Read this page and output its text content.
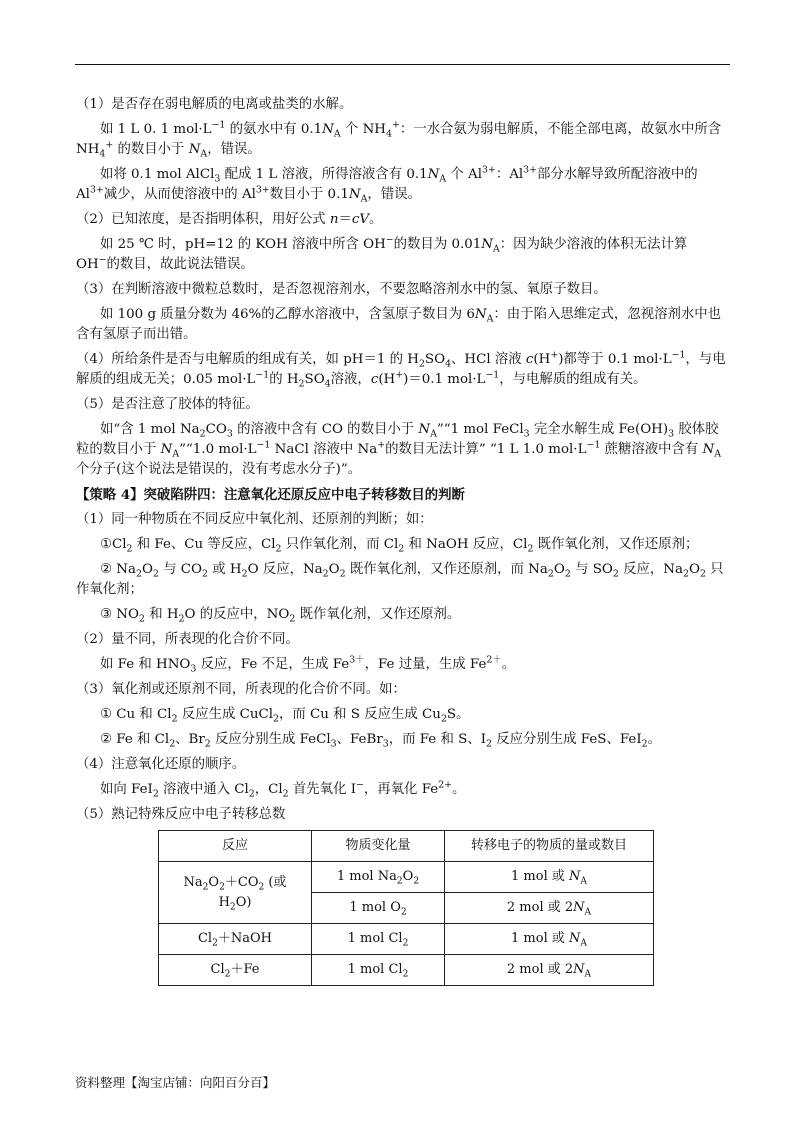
（1）是否存在弱电解质的电离或盐类的水解。

如 1 L 0. 1 $mol\cdot L^{-1}$ 的氨水中有 $0.1N_A$ 个 $NH_4^+$：一水合氨为弱电解质，不能全部电离，故氨水中所含 $NH_4^+$ 的数目小于 $N_A$，错误。

如将 0.1 mol AlCl$_3$ 配成 1 L 溶液，所得溶液含有 $0.1N_A$ 个 $Al^{3+}$：$Al^{3+}$部分水解导致所配溶液中的 $Al^{3+}$减少，从而使溶液中的 $Al^{3+}$数目小于 $0.1N_A$，错误。

（2）已知浓度，是否指明体积，用好公式 n＝cV。

如 25 ℃ 时，pH=12 的 KOH 溶液中所含 OH−的数目为 $0.01N_A$：因为缺少溶液的体积无法计算 OH−的数目，故此说法错误。

（3）在判断溶液中微粒总数时，是否忽视溶剂水，不要忽略溶剂水中的氢、氧原子数目。

如 100 g 质量分数为 46%的乙醇水溶液中，含氢原子数目为 $6N_A$：由于陷入思维定式，忽视溶剂水中也含有氢原子而出错。

（4）所给条件是否与电解质的组成有关，如 pH＝1 的 $H_2SO_4$、HCl 溶液 c(H+)都等于 0.1 $mol\cdot L^{-1}$，与电解质的组成无关；0.05 $mol\cdot L^{-1}$的 $H_2SO_4$溶液，c(H+)＝0.1 $mol\cdot L^{-1}$，与电解质的组成有关。

（5）是否注意了胶体的特征。

如“含 1 mol $Na_2CO_3$ 的溶液中含有 CO 的数目小于 $N_A”“1$ mol FeCl$_3$ 完全水解生成 $Fe(OH)_3$ 胶体胶粒的数目小于 $N_A”“1.0$ $mol\cdot L^{-1}$ NaCl 溶液中 Na+的数目无法计算” “1 L 1.0 $mol\cdot L^{-1}$ 蔗糖溶液中含有 $N_A$ 个分子(这个说法是错误的，没有考虑水分子)”。

【策略 4】突破陷阱四：注意氧化还原反应中电子转移数目的判断

（1）同一种物质在不同反应中氧化剂、还原剂的判断；如：

$①Cl_2$ 和 Fe、Cu 等反应，$Cl_2$ 只作氧化剂，而 $Cl_2$ 和 NaOH 反应，$Cl_2$ 既作氧化剂，又作还原剂；

② $Na_2O_2$ 与 $CO_2$ 或 $H_2O$ 反应，$Na_2O_2$ 既作氧化剂，又作还原剂，而 $Na_2O_2$ 与 $SO_2$ 反应，$Na_2O_2$ 只作氧化剂；

③ $NO_2$ 和 $H_2O$ 的反应中，$NO_2$ 既作氧化剂，又作还原剂。

（2）量不同，所表现的化合价不同。

如 Fe 和 $HNO_3$ 反应，Fe 不足，生成 $Fe^{3+}$，Fe 过量，生成 $Fe^{2+}$。

（3）氧化剂或还原剂不同，所表现的化合价不同。如：

① Cu 和 $Cl_2$ 反应生成 CuCl$_2$，而 Cu 和 S 反应生成 $Cu_2S$。

② Fe 和 $Cl_2$、$Br_2$ 反应分别生成 FeCl$_3$、FeBr$_3$，而 Fe 和 S、$I_2$ 反应分别生成 FeS、FeI$_2$。

（4）注意氧化还原的顺序。

如向 FeI$_2$ 溶液中通入 $Cl_2$，$Cl_2$ 首先氧化 I−，再氧化 $Fe^{2+}$。

（5）熟记特殊反应中电子转移总数

反应	物质变化量	转移电子的物质的量或数目
$Na_2O_2+CO_2$ (或 $H_2O$)	1 mol $Na_2O_2$	1 mol 或 $N_A$
	1 mol $O_2$	2 mol 或 $2N_A$
$Cl_2+NaOH$	1 mol $Cl_2$	1 mol 或 $N_A$
$Cl_2+Fe$	1 mol $Cl_2$	2 mol 或 $2N_A$
资料整理【淘宝店铺：向阳百分百】
